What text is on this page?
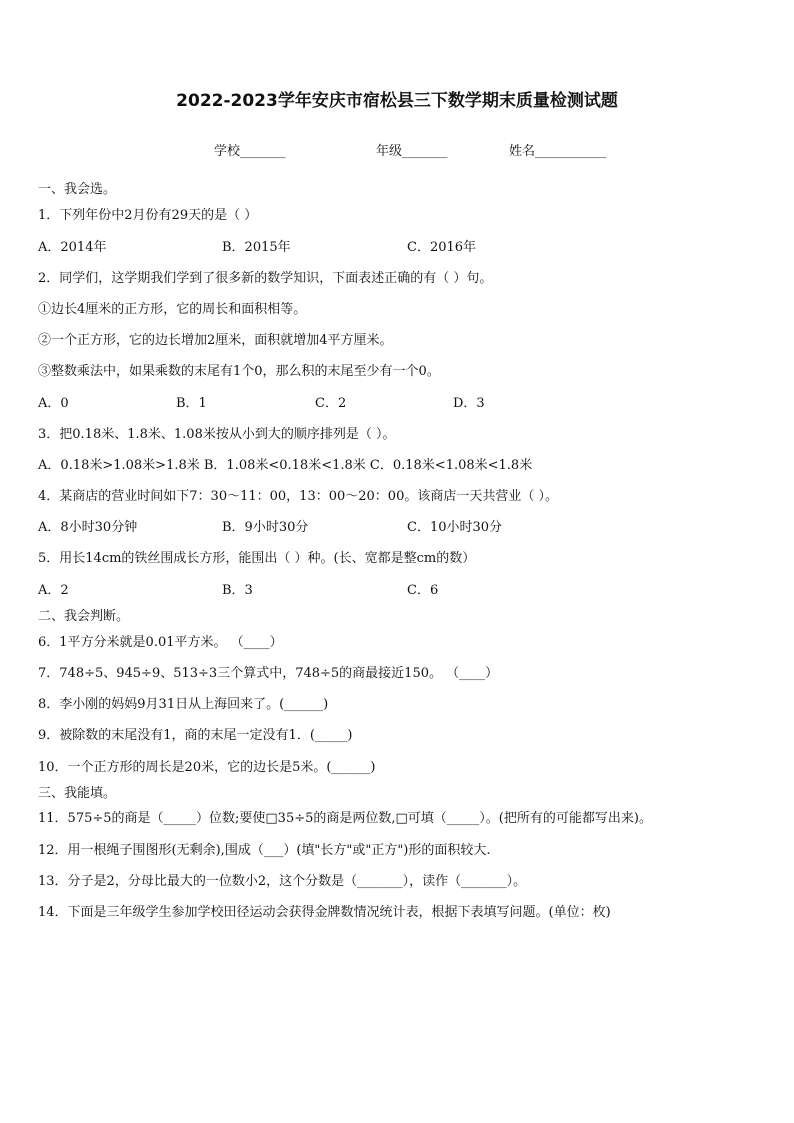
2022-2023学年安庆市宿松县三下数学期末质量检测试题
学校_______	年级_______	姓名___________
一、我会选。
1．下列年份中2月份有29天的是（ ）
A．2014年	B．2015年	C．2016年
2．同学们，这学期我们学到了很多新的数学知识，下面表述正确的有（ ）句。
①边长4厘米的正方形，它的周长和面积相等。
②一个正方形，它的边长增加2厘米，面积就增加4平方厘米。
③整数乘法中，如果乘数的末尾有1个0，那么积的末尾至少有一个0。
A．0	B．1	C．2	D．3
3．把0.18米、1.8米、1.08米按从小到大的顺序排列是（ ）。
A．0.18米>1.08米>1.8米 B．1.08米<0.18米<1.8米 C．0.18米<1.08米<1.8米
4．某商店的营业时间如下7：30～11：00，13：00～20：00。该商店一天共营业（ ）。
A．8小时30分钟	B．9小时30分	C．10小时30分
5．用长14cm的铁丝围成长方形，能围出（ ）种。(长、宽都是整cm的数）
A．2	B．3	C．6
二、我会判断。
6．1平方分米就是0.01平方米。 （____）
7．748÷5、945÷9、513÷3三个算式中，748÷5的商最接近150。 （____）
8．李小刚的妈妈9月31日从上海回来了。(______)
9．被除数的末尾没有1，商的末尾一定没有1．(_____)
10．一个正方形的周长是20米，它的边长是5米。(______)
三、我能填。
11．575÷5的商是（_____）位数;要使□35÷5的商是两位数,□可填（_____）。(把所有的可能都写出来)。
12．用一根绳子围图形(无剩余),围成（___）(填"长方"或"正方")形的面积较大.
13．分子是2，分母比最大的一位数小2，这个分数是（_______），读作（_______）。
14．下面是三年级学生参加学校田径运动会获得金牌数情况统计表，根据下表填写问题。(单位：枚)
